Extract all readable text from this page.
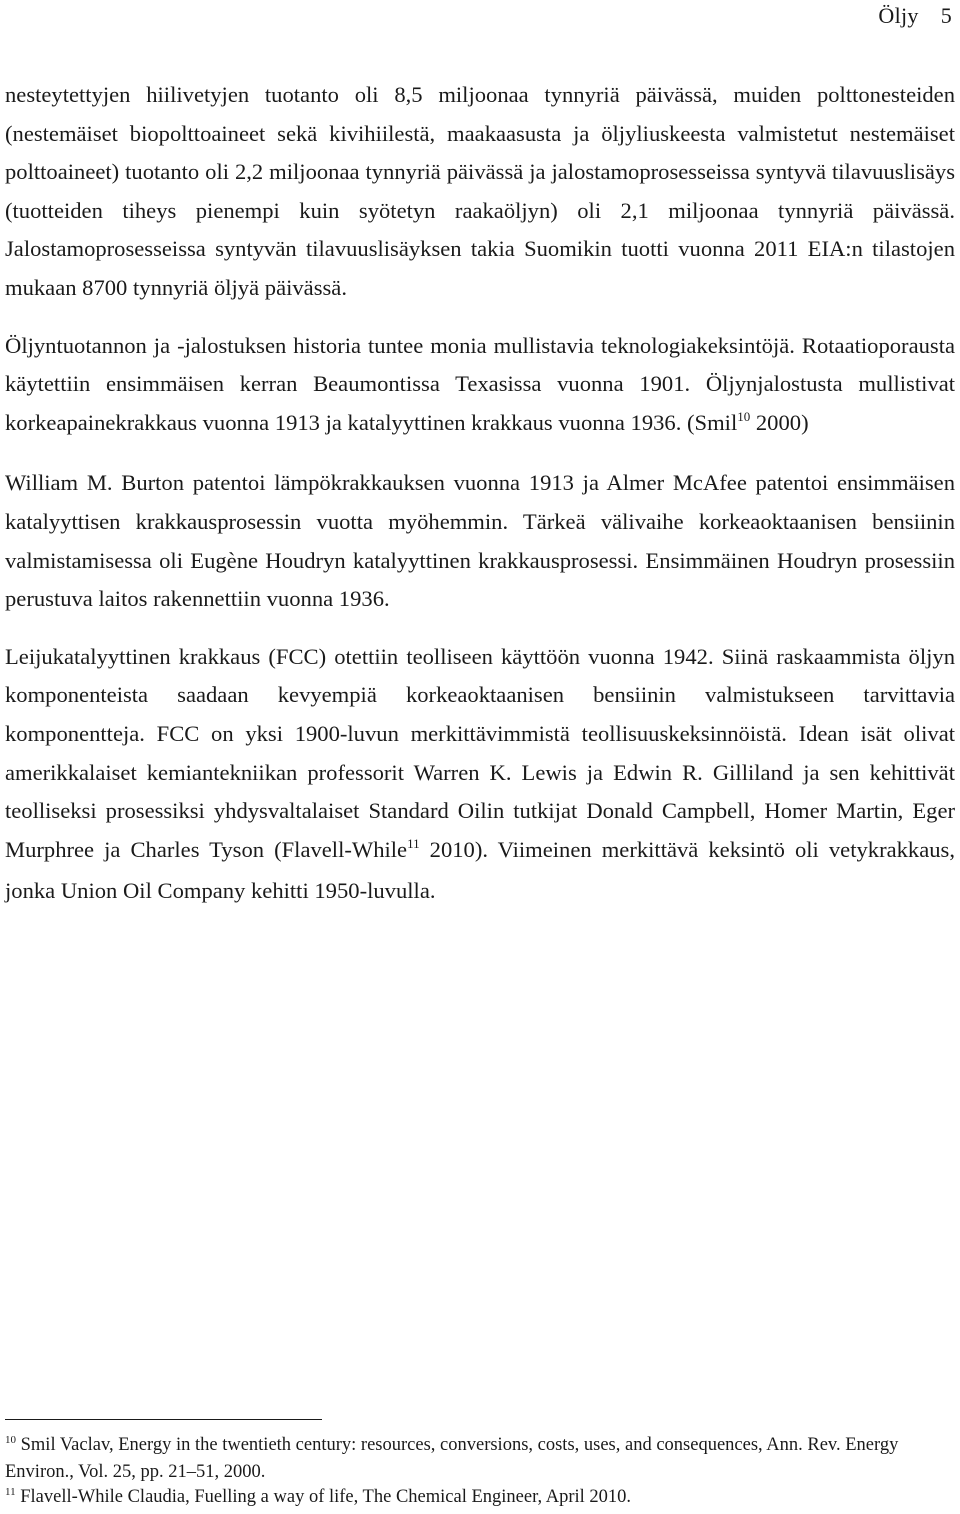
Öljy 5

nesteytettyjen hiilivetyjen tuotanto oli 8,5 miljoonaa tynnyriä päivässä, muiden polttonesteiden (nestemäiset biopolttoaineet sekä kivihiilestä, maakaasusta ja öljyliuskeesta valmistetut nestemäiset polttoaineet) tuotanto oli 2,2 miljoonaa tynnyriä päivässä ja jalostamoprosesseissa syntyvä tilavuuslisäys (tuotteiden tiheys pienempi kuin syötetyn raakaöljyn) oli 2,1 miljoonaa tynnyriä päivässä. Jalostamoprosesseissa syntyvän tilavuuslisäyksen takia Suomikin tuotti vuonna 2011 EIA:n tilastojen mukaan 8700 tynnyriä öljyä päivässä.

Öljyntuotannon ja -jalostuksen historia tuntee monia mullistavia teknologiakeksintöjä. Rotaatioporausta käytettiin ensimmäisen kerran Beaumontissa Texasissa vuonna 1901. Öljynjalostusta mullistivat korkeapainekrakkaus vuonna 1913 ja katalyyttinen krakkaus vuonna 1936. (Smil$^{10}$ 2000)

William M. Burton patentoi lämpökrakkauksen vuonna 1913 ja Almer McAfee patentoi ensimmäisen katalyyttisen krakkausprosessin vuotta myöhemmin. Tärkeä välivaihe korkeaoktaanisen bensiinin valmistamisessa oli Eugène Houdryn katalyyttinen krakkausprosessi. Ensimmäinen Houdryn prosessiin perustuva laitos rakennettiin vuonna 1936.

Leijukatalyyttinen krakkaus (FCC) otettiin teolliseen käyttöön vuonna 1942. Siinä raskaammista öljyn komponenteista saadaan kevyempiä korkeaoktaanisen bensiinin valmistukseen tarvittavia komponentteja. FCC on yksi 1900-luvun merkittävimmistä teollisuuskeksinnöistä. Idean isät olivat amerikkalaiset kemiantekniikan professorit Warren K. Lewis ja Edwin R. Gilliland ja sen kehittivät teolliseksi prosessiksi yhdysvaltalaiset Standard Oilin tutkijat Donald Campbell, Homer Martin, Eger Murphree ja Charles Tyson (Flavell-While$^{11}$ 2010). Viimeinen merkittävä keksintö oli vetykrakkaus, jonka Union Oil Company kehitti 1950-luvulla.

$^{10}$ Smil Vaclav, Energy in the twentieth century: resources, conversions, costs, uses, and consequences, Ann. Rev. Energy Environ., Vol. 25, pp. 21–51, 2000.
$^{11}$ Flavell-While Claudia, Fuelling a way of life, The Chemical Engineer, April 2010.
